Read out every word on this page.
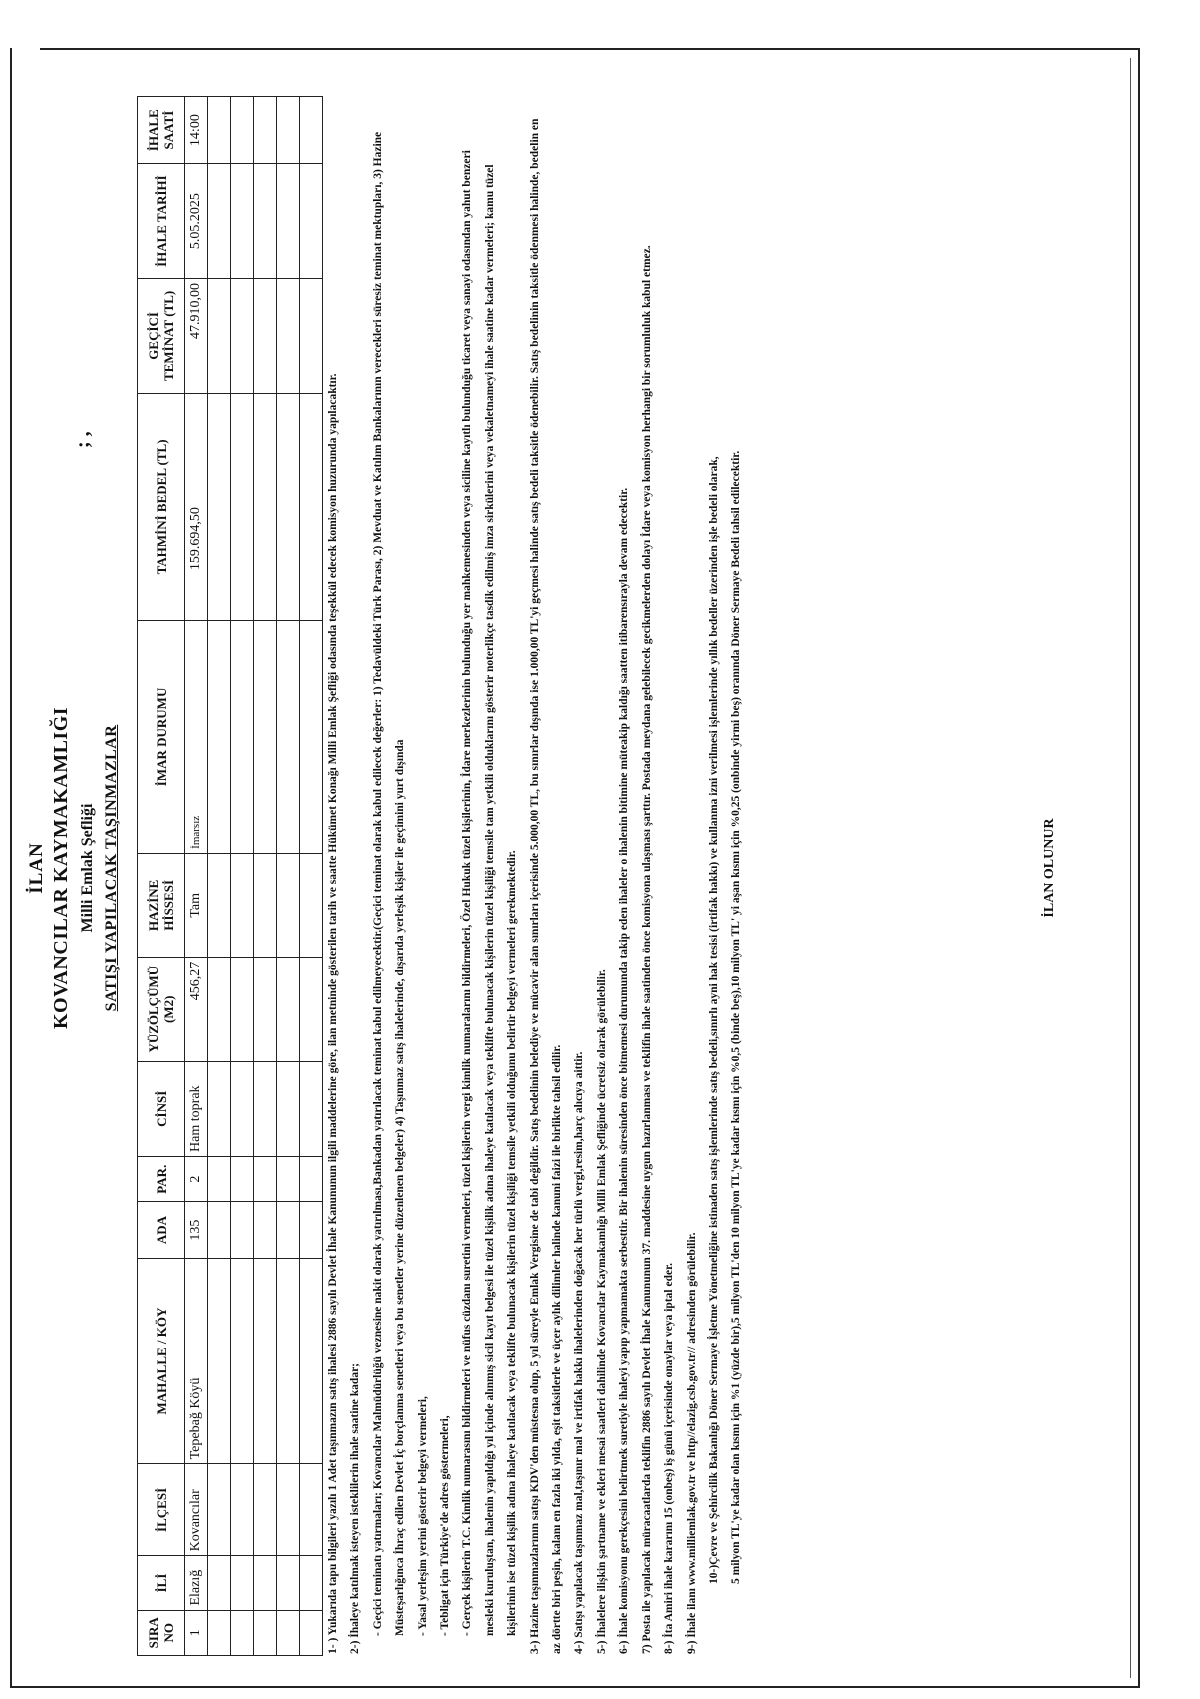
İLAN KOVANCILAR KAYMAKAMLIĞI Milli Emlak Şefliği SATIŞI YAPILACAK TAŞINMAZLAR
; ,
SIRA NO	İLİ	İLÇESİ	MAHALLE / KÖY	ADA	PAR.	CİNSİ	YÜZÖLÇÜMÜ (M2)	HAZİNE HİSSESİ	İMAR DURUMU	TAHMİNİ BEDEL (TL)	GEÇİCİ TEMİNAT (TL)	İHALE TARİHİ	İHALE SAATİ
1	Elazığ	Kovancılar	Tepebağ Köyü	135	2	Ham toprak	456,27	Tam	İmarsız	159.694,50	47.910,00	5.05.2025	14:00

1- ) Yukarıda tapu bilgileri yazılı 1 Adet taşınmazın satış ihalesi 2886 sayılı Devlet İhale Kanununun ilgili maddelerine göre, ilan metninde gösterilen tarih ve saatte Hükümet Konağı Milli Emlak Şefliği odasında teşekkül edecek komisyon huzurunda yapılacaktır. 2-) İhaleye katılmak isteyen isteklilerin ihale saatine kadar; - Geçici teminatı yatırmaları; Kovancılar Malmüdürlüğü veznesine nakit olarak yatırılması,Bankadan yatırılacak teminat kabul edilmeyecektir.(Geçici teminat olarak kabul edilecek değerler: 1) Tedavüldeki Türk Parası, 2) Mevduat ve Katılım Bankalarının verecekleri süresiz teminat mektupları, 3) Hazine Müsteşarlığınca İhraç edilen Devlet İç borçlanma senetleri veya bu senetler yerine düzenlenen belgeler) 4) Taşınmaz satış ihalelerinde, dışarıda yerleşik kişiler ile geçimini yurt dışında - Yasal yerleşim yerini gösterir belgeyi vermeleri, - Tebligat için Türkiye'de adres göstermeleri, - Gerçek kişilerin T.C. Kimlik numarasını bildirmeleri ve nüfus cüzdanı suretini vermeleri, tüzel kişilerin vergi kimlik numaralarını bildirmeleri, Özel Hukuk tüzel kişilerinin, İdare merkezlerinin bulunduğu yer mahkemesinden veya siciline kayıtlı bulunduğu ticaret veya sanayi odasından yahut benzeri mesleki kuruluştan, ihalenin yapıldığı yıl içinde alınmış sicil kayıt belgesi ile tüzel kişilik adına ihaleye katılacak veya teklifte bulunacak kişilerin tüzel kişiliği temsile tam yetkili olduklarını gösterir noterlikçe tasdik edilmiş imza sirkülerini veya vekaletnameyi ihale saatine kadar vermeleri; kamu tüzel kişilerinin ise tüzel kişilik adına ihaleye katılacak veya teklifte bulunacak kişilerin tüzel kişiliği temsile yetkili olduğunu belirtir belgeyi vermeleri gerekmektedir. 3-) Hazine taşınmazlarının satışı KDV'den müstesna olup, 5 yıl süreyle Emlak Vergisine de tabi değildir. Satış bedelinin belediye ve mücavir alan sınırları içerisinde 5.000,00 TL, bu sınırlar dışında ise 1.000,00 TL'yi geçmesi halinde satış bedeli taksitle ödenebilir. Satış bedelinin taksitle ödenmesi halinde, bedelin en az dörtte biri peşin, kalanı en fazla iki yılda, eşit taksitlerle ve üçer aylık dilimler halinde kanuni faizi ile birlikte tahsil edilir. 4-) Satışı yapılacak taşınmaz mal,taşınır mal ve irtifak hakkı ihalelerinden doğacak her türlü vergi,resim,harç alıcıya aittir. 5-) İhalelere ilişkin şartname ve ekleri mesai saatleri dahilinde Kovancılar Kaymakamlığı Milli Emlak Şefliğinde ücretsiz olarak görülebilir. 6-) İhale komisyonu gerekçesini belirtmek suretiyle ihaleyi yapıp yapmamakta serbesttir. Bir ihalenin süresinden önce bitmemesi durumunda takip eden ihaleler o ihalenin bitimine müteakip kaldığı saatten itibarensırayla devam edecektir. 7) Posta ile yapılacak müracaatlarda teklifin 2886 sayılı Devlet İhale Kanununun 37. maddesine uygun hazırlanması ve teklifin ihale saatinden önce komisyona ulaşması şarttır. Postada meydana gelebilecek gecikmelerden dolayı İdare veya komisyon herhangi bir sorumluluk kabul etmez. 8-) İta Amiri ihale kararını 15 (onbeş) iş günü içerisinde onaylar veya iptal eder. 9-) İhale ilanı www.milliemlak.gov.tr ve http//elazig.csb.gov.tr// adresinden görülebilir. 10-)Çevre ve Şehircilik Bakanlığı Döner Sermaye İşletme Yönetmeliğine istinaden satış işlemlerinde satış bedeli,sınırlı ayni hak tesisi (irtifak hakkı) ve kullanma izni verilmesi işlemlerinde yıllık bedeller üzerinden işle bedeli olarak, 5 milyon TL'ye kadar olan kısmı için %1 (yüzde bir),5 milyon TL'den 10 milyon TL'ye kadar kısmı için %0,5 (binde beş),10 milyon TL' yi aşan kısmı için %0,25 (onbinde yirmi beş) oranında Döner Sermaye Bedeli tahsil edilecektir.	İLAN OLUNUR
